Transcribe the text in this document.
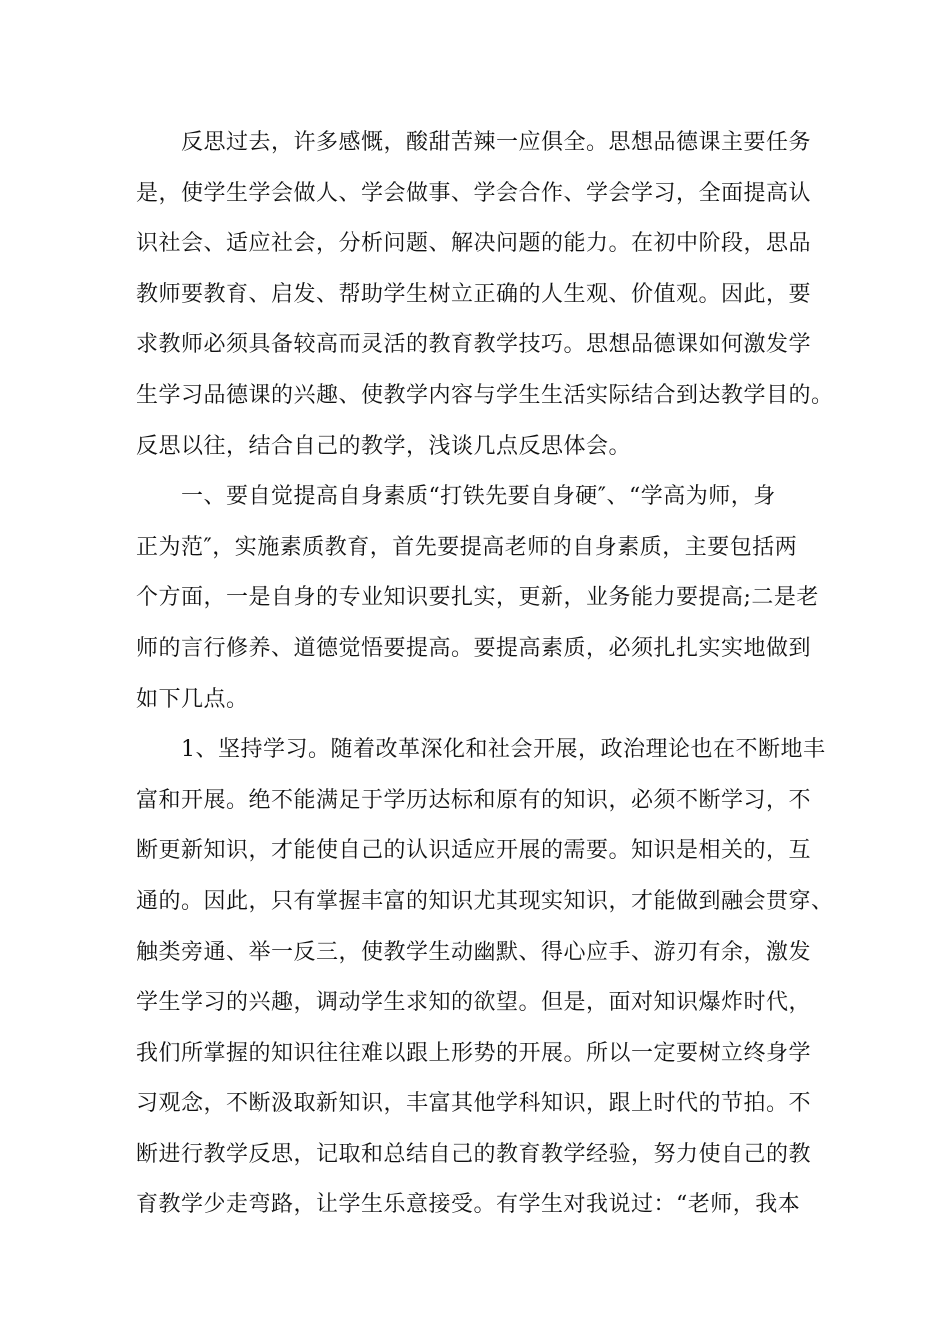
　　反思过去，许多感慨，酸甜苦辣一应俱全。思想品德课主要任务
是，使学生学会做人、学会做事、学会合作、学会学习，全面提高认
识社会、适应社会，分析问题、解决问题的能力。在初中阶段，思品
教师要教育、启发、帮助学生树立正确的人生观、价值观。因此，要
求教师必须具备较高而灵活的教育教学技巧。思想品德课如何激发学
生学习品德课的兴趣、使教学内容与学生生活实际结合到达教学目的。
反思以往，结合自己的教学，浅谈几点反思体会。
　　一、要自觉提高自身素质“打铁先要自身硬″、“学高为师，身
正为范″，实施素质教育，首先要提高老师的自身素质，主要包括两
个方面，一是自身的专业知识要扎实，更新，业务能力要提高;二是老
师的言行修养、道德觉悟要提高。要提高素质，必须扎扎实实地做到
如下几点。
　　1、坚持学习。随着改革深化和社会开展，政治理论也在不断地丰
富和开展。绝不能满足于学历达标和原有的知识，必须不断学习，不
断更新知识，才能使自己的认识适应开展的需要。知识是相关的，互
通的。因此，只有掌握丰富的知识尤其现实知识，才能做到融会贯穿、
触类旁通、举一反三，使教学生动幽默、得心应手、游刃有余，激发
学生学习的兴趣，调动学生求知的欲望。但是，面对知识爆炸时代，
我们所掌握的知识往往难以跟上形势的开展。所以一定要树立终身学
习观念，不断汲取新知识，丰富其他学科知识，跟上时代的节拍。不
断进行教学反思，记取和总结自己的教育教学经验，努力使自己的教
育教学少走弯路，让学生乐意接受。有学生对我说过：“老师，我本
